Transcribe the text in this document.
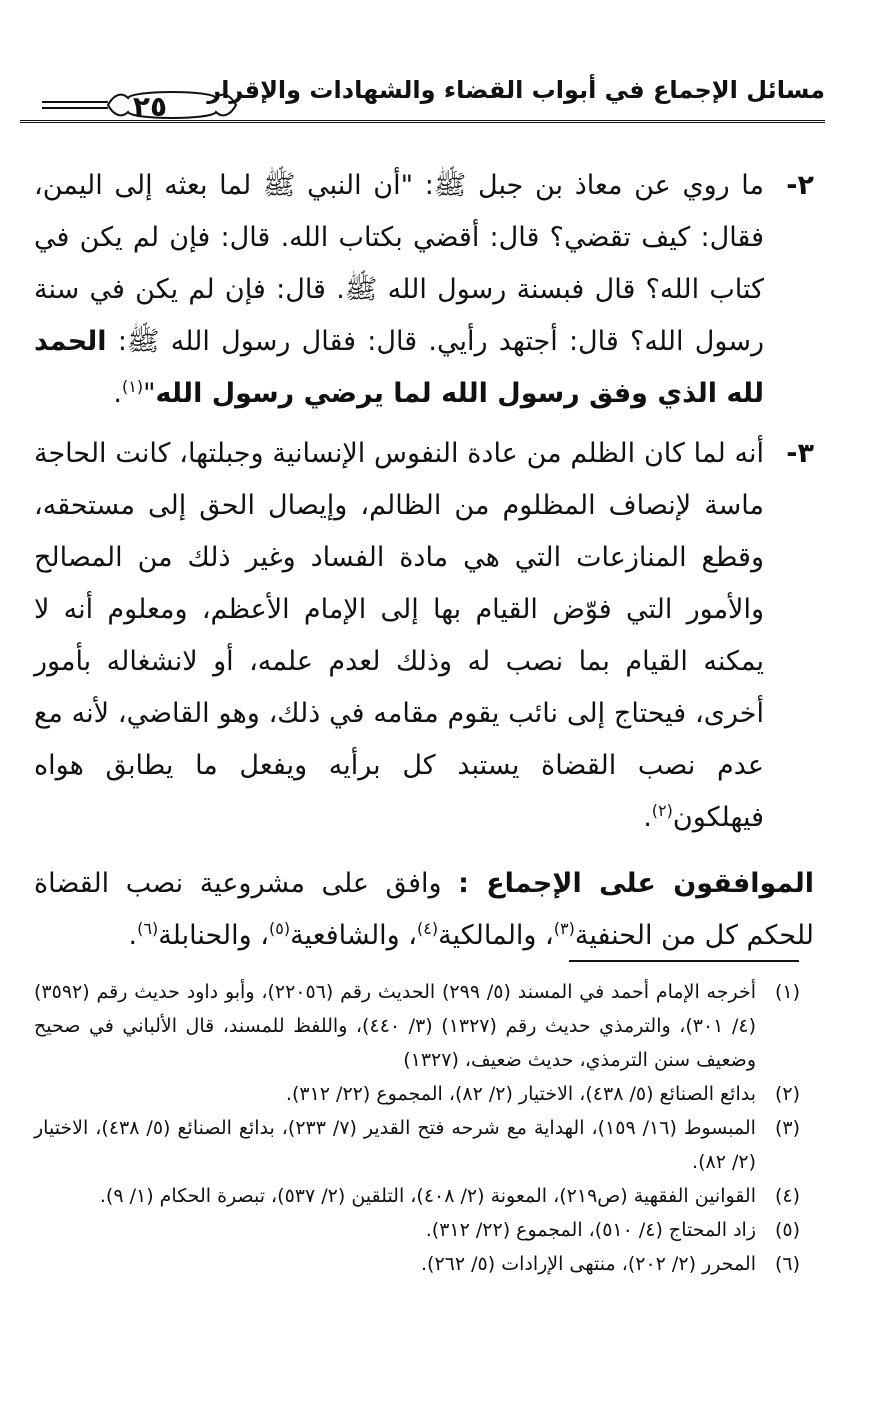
مسائل الإجماع في أبواب القضاء والشهادات والإقرار
٢٥
٢-
ما روي عن معاذ بن جبل ﷺ: "أن النبي ﷺ لما بعثه إلى اليمن، فقال: كيف تقضي؟ قال: أقضي بكتاب الله. قال: فإن لم يكن في كتاب الله؟ قال فبسنة رسول الله ﷺ. قال: فإن لم يكن في سنة رسول الله؟ قال: أجتهد رأيي. قال: فقال رسول الله ﷺ: الحمد لله الذي وفق رسول الله لما يرضي رسول الله"$^{(١)}$.
٣-
أنه لما كان الظلم من عادة النفوس الإنسانية وجبلتها، كانت الحاجة ماسة لإنصاف المظلوم من الظالم، وإيصال الحق إلى مستحقه، وقطع المنازعات التي هي مادة الفساد وغير ذلك من المصالح والأمور التي فوّض القيام بها إلى الإمام الأعظم، ومعلوم أنه لا يمكنه القيام بما نصب له وذلك لعدم علمه، أو لانشغاله بأمور أخرى، فيحتاج إلى نائب يقوم مقامه في ذلك، وهو القاضي، لأنه مع عدم نصب القضاة يستبد كل برأيه ويفعل ما يطابق هواه فيهلكون$^{(٢)}$.
الموافقون على الإجماع : وافق على مشروعية نصب القضاة للحكم كل من الحنفية$^{(٣)}$، والمالكية$^{(٤)}$، والشافعية$^{(٥)}$، والحنابلة$^{(٦)}$.
(١)
أخرجه الإمام أحمد في المسند (٥/ ٢٩٩) الحديث رقم (٢٢٠٥٦)، وأبو داود حديث رقم (٣٥٩٢) (٤/ ٣٠١)، والترمذي حديث رقم (١٣٢٧) (٣/ ٤٤٠)، واللفظ للمسند، قال الألباني في صحيح وضعيف سنن الترمذي، حديث ضعيف، (١٣٢٧)
(٢)
بدائع الصنائع (٥/ ٤٣٨)، الاختيار (٢/ ٨٢)، المجموع (٢٢/ ٣١٢).
(٣)
المبسوط (١٦/ ١٥٩)، الهداية مع شرحه فتح القدير (٧/ ٢٣٣)، بدائع الصنائع (٥/ ٤٣٨)، الاختيار (٢/ ٨٢).
(٤)
القوانين الفقهية (ص٢١٩)، المعونة (٢/ ٤٠٨)، التلقين (٢/ ٥٣٧)، تبصرة الحكام (١/ ٩).
(٥)
زاد المحتاج (٤/ ٥١٠)، المجموع (٢٢/ ٣١٢).
(٦)
المحرر (٢/ ٢٠٢)، منتهى الإرادات (٥/ ٢٦٢).
